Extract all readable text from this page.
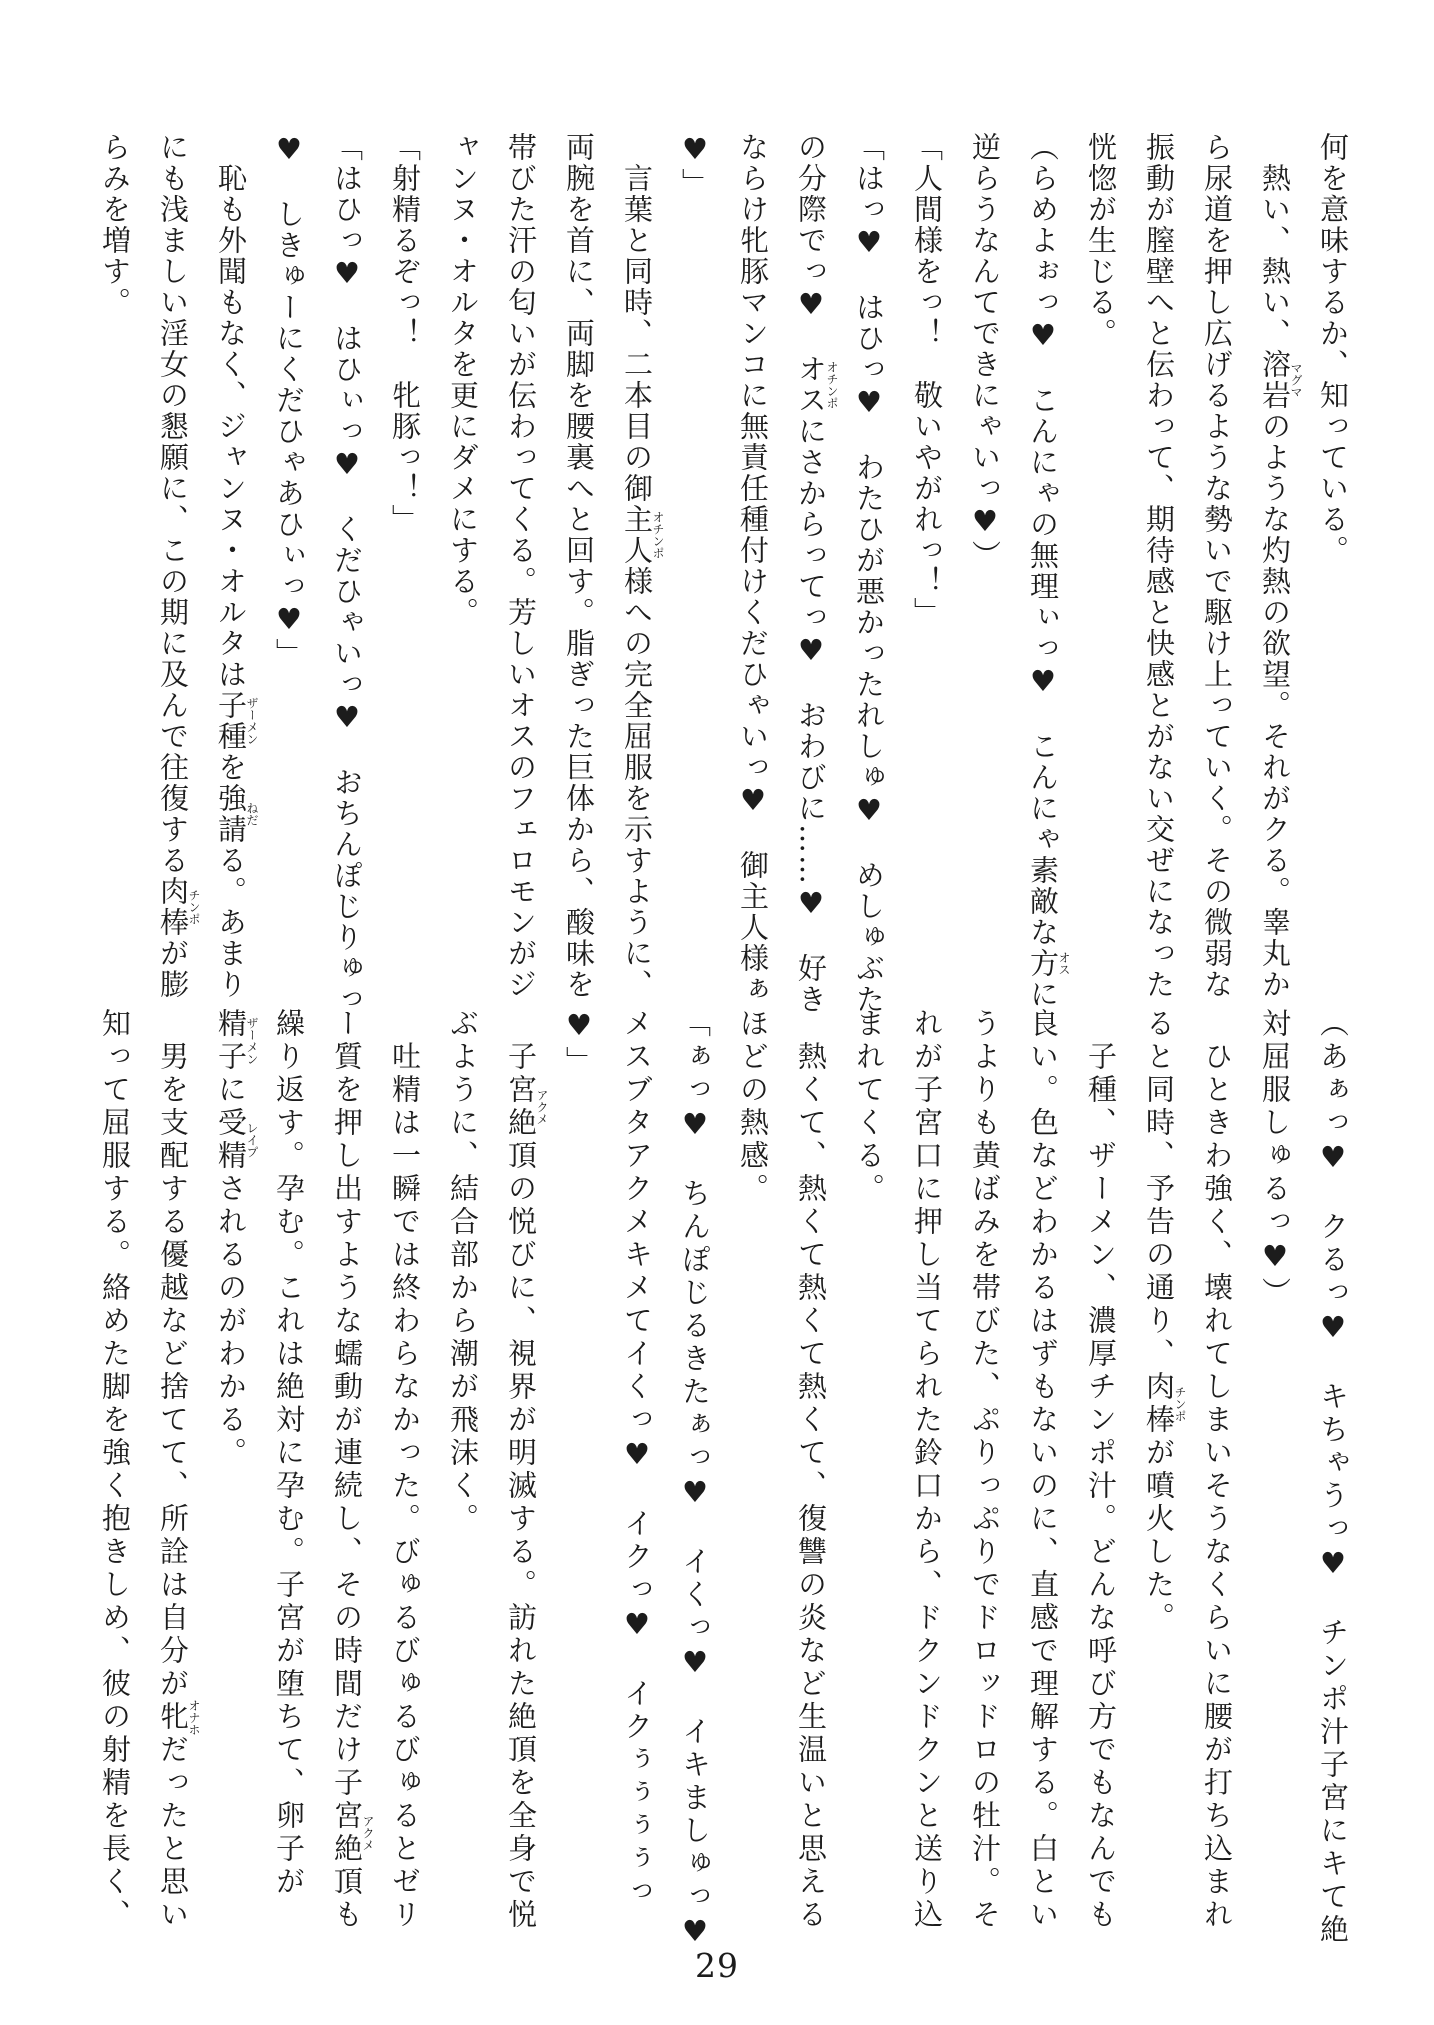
何を意味するか、知っている。
　熱い、熱い、溶岩マグマのような灼熱の欲望。それがクる。睾丸か
ら尿道を押し広げるような勢いで駆け上っていく。その微弱な
振動が膣壁へと伝わって、期待感と快感とがない交ぜになった
恍惚が生じる。
（らめよぉっ♥　こんにゃの無理ぃっ♥　こんにゃ素敵な方オスに
逆らうなんてできにゃいっ♥）
「人間様をっ！　敬いやがれっ！」
「はっ♥　はひっ♥　わたひが悪かったれしゅ♥　めしゅぶた
の分際でっ♥　オスオチンポにさからってっ♥　おわびに……♥　好き
ならけ牝豚マンコに無責任種付けくだひゃいっ♥　御主人様ぁ
♥」
　言葉と同時、二本目の御主人様オチンポへの完全屈服を示すように、
両腕を首に、両脚を腰裏へと回す。脂ぎった巨体から、酸味を
帯びた汗の匂いが伝わってくる。芳しいオスのフェロモンがジ
ャンヌ・オルタを更にダメにする。
「射精るぞっ！　牝豚っ！」
「はひっ♥　はひぃっ♥　くだひゃいっ♥　おちんぽじりゅっ
♥　しきゅーにくだひゃあひぃっ♥」
　恥も外聞もなく、ジャンヌ・オルタは子種ザーメンを強請ねだる。あまり
にも浅ましい淫女の懇願に、この期に及んで往復する肉棒チンポが膨
らみを増す。
（あぁっ♥　クるっ♥　キちゃうっ♥　チンポ汁子宮にキて絶
対屈服しゅるっ♥）
　ひときわ強く、壊れてしまいそうなくらいに腰が打ち込まれ
ると同時、予告の通り、肉棒チンポが噴火した。
　子種、ザーメン、濃厚チンポ汁。どんな呼び方でもなんでも
良い。色などわかるはずもないのに、直感で理解する。白とい
うよりも黄ばみを帯びた、ぷりっぷりでドロッドロの牡汁。そ
れが子宮口に押し当てられた鈴口から、ドクンドクンと送り込
まれてくる。
　熱くて、熱くて熱くて熱くて、復讐の炎など生温いと思える
ほどの熱感。
「ぁっ♥　ちんぽじるきたぁっ♥　イくっ♥　イキましゅっ♥
メスブタアクメキメてイくっ♥　イクっ♥　イクぅぅぅぅっ
♥」
　子宮絶頂アクメの悦びに、視界が明滅する。訪れた絶頂を全身で悦
ぶように、結合部から潮が飛沫く。
　吐精は一瞬では終わらなかった。びゅるびゅるびゅるとゼリ
ー質を押し出すような蠕動が連続し、その時間だけ子宮絶頂アクメも
繰り返す。孕む。これは絶対に孕む。子宮が堕ちて、卵子が
精子ザーメンに受精レイプされるのがわかる。
　男を支配する優越など捨てて、所詮は自分が牝オナホだったと思い
知って屈服する。絡めた脚を強く抱きしめ、彼の射精を長く、
29
